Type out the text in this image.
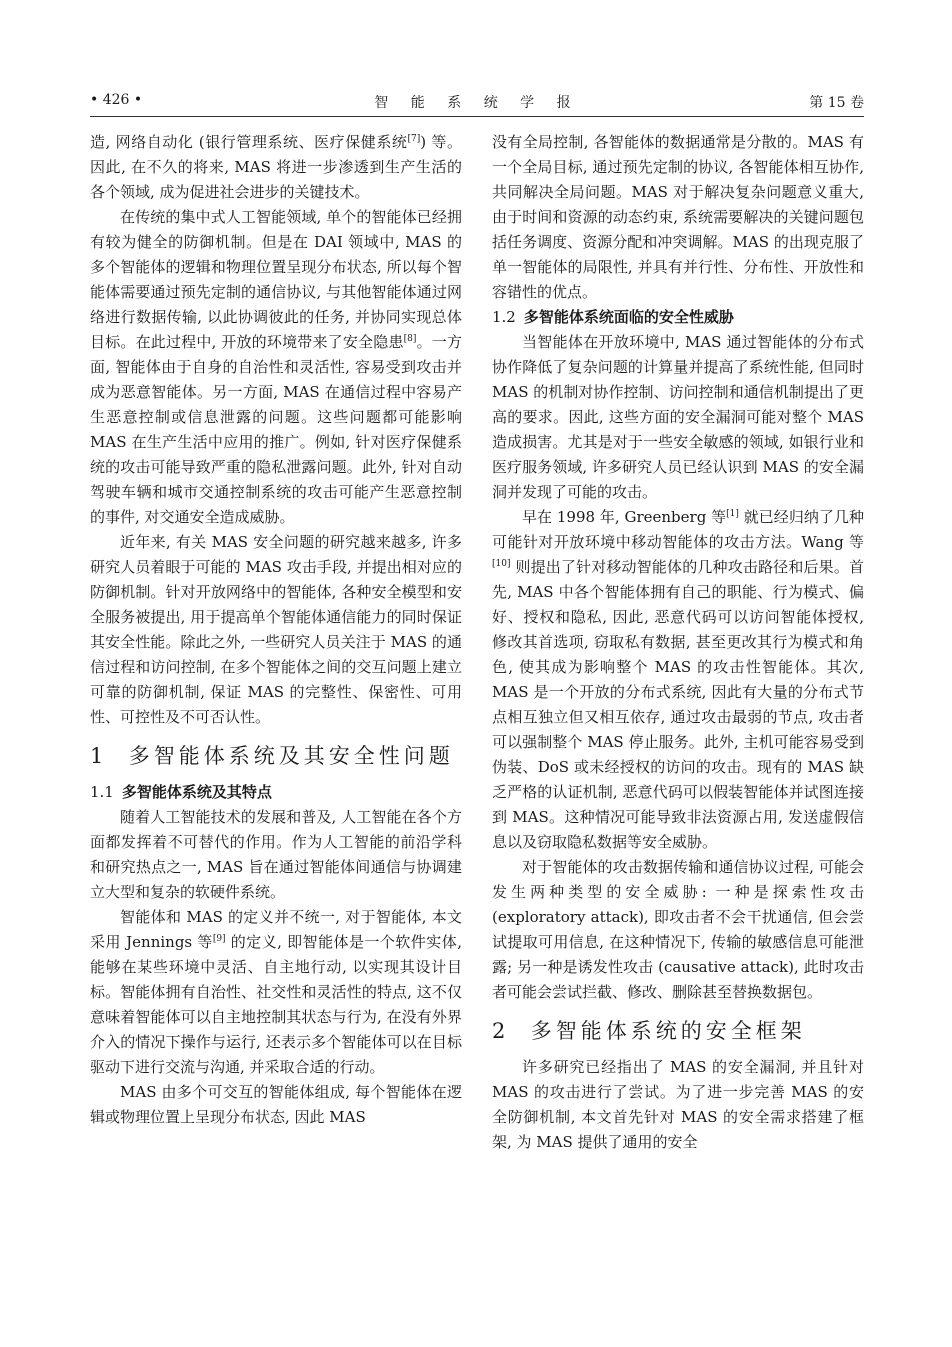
• 426 •	智 能 系 统 学 报	第 15 卷

造, 网络自动化 (银行管理系统、医疗保健系统[7]) 等。因此, 在不久的将来, MAS 将进一步渗透到生产生活的各个领域, 成为促进社会进步的关键技术。

在传统的集中式人工智能领域, 单个的智能体已经拥有较为健全的防御机制。但是在 DAI 领域中, MAS 的多个智能体的逻辑和物理位置呈现分布状态, 所以每个智能体需要通过预先定制的通信协议, 与其他智能体通过网络进行数据传输, 以此协调彼此的任务, 并协同实现总体目标。在此过程中, 开放的环境带来了安全隐患[8]。一方面, 智能体由于自身的自治性和灵活性, 容易受到攻击并成为恶意智能体。另一方面, MAS 在通信过程中容易产生恶意控制或信息泄露的问题。这些问题都可能影响 MAS 在生产生活中应用的推广。例如, 针对医疗保健系统的攻击可能导致严重的隐私泄露问题。此外, 针对自动驾驶车辆和城市交通控制系统的攻击可能产生恶意控制的事件, 对交通安全造成威胁。

近年来, 有关 MAS 安全问题的研究越来越多, 许多研究人员着眼于可能的 MAS 攻击手段, 并提出相对应的防御机制。针对开放网络中的智能体, 各种安全模型和安全服务被提出, 用于提高单个智能体通信能力的同时保证其安全性能。除此之外, 一些研究人员关注于 MAS 的通信过程和访问控制, 在多个智能体之间的交互问题上建立可靠的防御机制, 保证 MAS 的完整性、保密性、可用性、可控性及不可否认性。

1 多智能体系统及其安全性问题
1.1 多智能体系统及其特点

随着人工智能技术的发展和普及, 人工智能在各个方面都发挥着不可替代的作用。作为人工智能的前沿学科和研究热点之一, MAS 旨在通过智能体间通信与协调建立大型和复杂的软硬件系统。

智能体和 MAS 的定义并不统一, 对于智能体, 本文采用 Jennings 等[9] 的定义, 即智能体是一个软件实体, 能够在某些环境中灵活、自主地行动, 以实现其设计目标。智能体拥有自治性、社交性和灵活性的特点, 这不仅意味着智能体可以自主地控制其状态与行为, 在没有外界介入的情况下操作与运行, 还表示多个智能体可以在目标驱动下进行交流与沟通, 并采取合适的行动。

MAS 由多个可交互的智能体组成, 每个智能体在逻辑或物理位置上呈现分布状态, 因此 MAS

没有全局控制, 各智能体的数据通常是分散的。MAS 有一个全局目标, 通过预先定制的协议, 各智能体相互协作, 共同解决全局问题。MAS 对于解决复杂问题意义重大, 由于时间和资源的动态约束, 系统需要解决的关键问题包括任务调度、资源分配和冲突调解。MAS 的出现克服了单一智能体的局限性, 并具有并行性、分布性、开放性和容错性的优点。

1.2 多智能体系统面临的安全性威胁

当智能体在开放环境中, MAS 通过智能体的分布式协作降低了复杂问题的计算量并提高了系统性能, 但同时 MAS 的机制对协作控制、访问控制和通信机制提出了更高的要求。因此, 这些方面的安全漏洞可能对整个 MAS 造成损害。尤其是对于一些安全敏感的领域, 如银行业和医疗服务领域, 许多研究人员已经认识到 MAS 的安全漏洞并发现了可能的攻击。

早在 1998 年, Greenberg 等[1] 就已经归纳了几种可能针对开放环境中移动智能体的攻击方法。Wang 等[10] 则提出了针对移动智能体的几种攻击路径和后果。首先, MAS 中各个智能体拥有自己的职能、行为模式、偏好、授权和隐私, 因此, 恶意代码可以访问智能体授权, 修改其首选项, 窃取私有数据, 甚至更改其行为模式和角色, 使其成为影响整个 MAS 的攻击性智能体。其次, MAS 是一个开放的分布式系统, 因此有大量的分布式节点相互独立但又相互依存, 通过攻击最弱的节点, 攻击者可以强制整个 MAS 停止服务。此外, 主机可能容易受到伪装、DoS 或未经授权的访问的攻击。现有的 MAS 缺乏严格的认证机制, 恶意代码可以假装智能体并试图连接到 MAS。这种情况可能导致非法资源占用, 发送虚假信息以及窃取隐私数据等安全威胁。

对于智能体的攻击数据传输和通信协议过程, 可能会发生两种类型的安全威胁: 一种是探索性攻击 (exploratory attack), 即攻击者不会干扰通信, 但会尝试提取可用信息, 在这种情况下, 传输的敏感信息可能泄露; 另一种是诱发性攻击 (causative attack), 此时攻击者可能会尝试拦截、修改、删除甚至替换数据包。

2 多智能体系统的安全框架

许多研究已经指出了 MAS 的安全漏洞, 并且针对 MAS 的攻击进行了尝试。为了进一步完善 MAS 的安全防御机制, 本文首先针对 MAS 的安全需求搭建了框架, 为 MAS 提供了通用的安全
